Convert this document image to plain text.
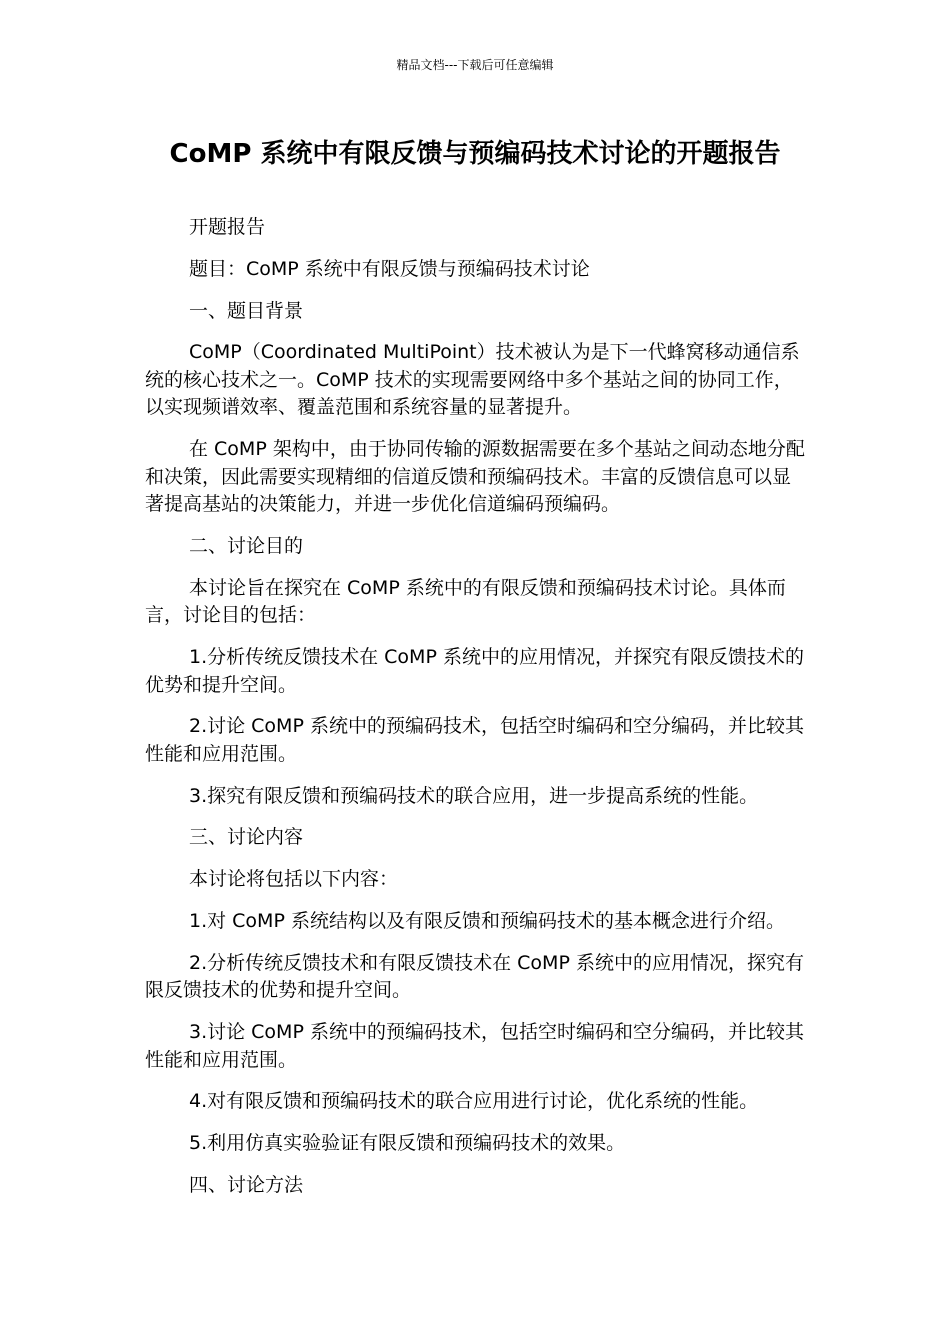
精品文档---下载后可任意编辑
CoMP 系统中有限反馈与预编码技术讨论的开题报告

开题报告

题目：CoMP 系统中有限反馈与预编码技术讨论

一、题目背景

CoMP（Coordinated MultiPoint）技术被认为是下一代蜂窝移动通信系统的核心技术之一。CoMP 技术的实现需要网络中多个基站之间的协同工作，以实现频谱效率、覆盖范围和系统容量的显著提升。

在 CoMP 架构中，由于协同传输的源数据需要在多个基站之间动态地分配和决策，因此需要实现精细的信道反馈和预编码技术。丰富的反馈信息可以显著提高基站的决策能力，并进一步优化信道编码预编码。

二、讨论目的

本讨论旨在探究在 CoMP 系统中的有限反馈和预编码技术讨论。具体而言，讨论目的包括：

1.分析传统反馈技术在 CoMP 系统中的应用情况，并探究有限反馈技术的优势和提升空间。

2.讨论 CoMP 系统中的预编码技术，包括空时编码和空分编码，并比较其性能和应用范围。

3.探究有限反馈和预编码技术的联合应用，进一步提高系统的性能。

三、讨论内容

本讨论将包括以下内容：

1.对 CoMP 系统结构以及有限反馈和预编码技术的基本概念进行介绍。

2.分析传统反馈技术和有限反馈技术在 CoMP 系统中的应用情况，探究有限反馈技术的优势和提升空间。

3.讨论 CoMP 系统中的预编码技术，包括空时编码和空分编码，并比较其性能和应用范围。

4.对有限反馈和预编码技术的联合应用进行讨论，优化系统的性能。

5.利用仿真实验验证有限反馈和预编码技术的效果。

四、讨论方法
